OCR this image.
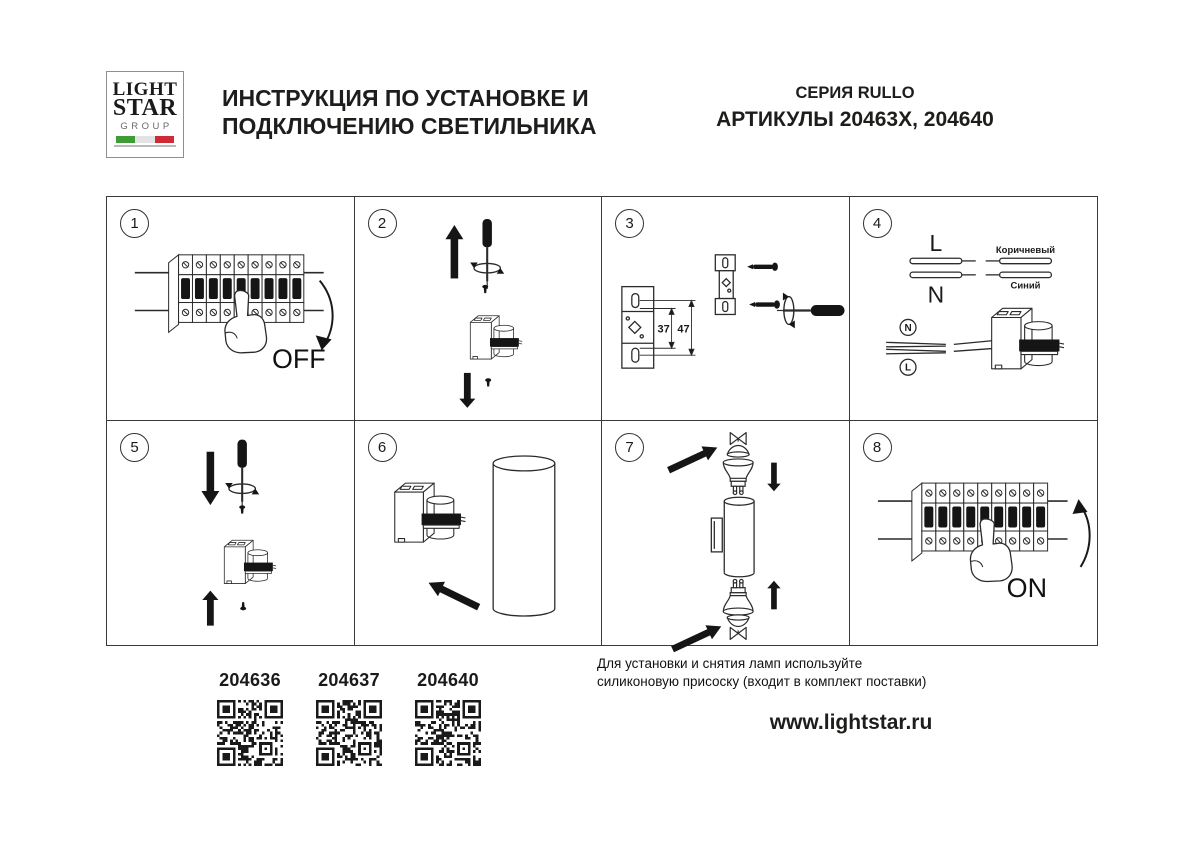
LIGHT
STAR
GROUP
ИНСТРУКЦИЯ ПО УСТАНОВКЕ И
ПОДКЛЮЧЕНИЮ СВЕТИЛЬНИКА
СЕРИЯ RULLO
АРТИКУЛЫ 20463X, 204640
1
OFF
2	3
37 47
4
L
N
Коричневый
Синий
N
L
5	6	7	8
ON
204636 204637 204640
Для установки и снятия ламп используйте
силиконовую присоску (входит в комплект поставки)
www.lightstar.ru
